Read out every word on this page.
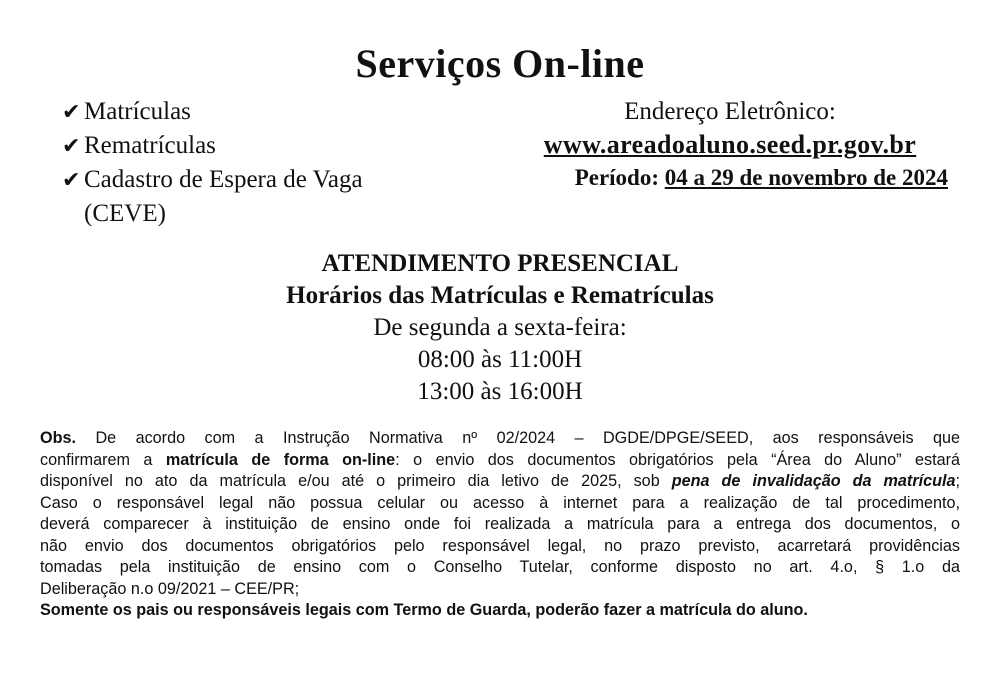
Serviços On-line
✔ Matrículas
✔ Rematrículas
✔ Cadastro de Espera de Vaga
(CEVE)
Endereço Eletrônico:
www.areadoaluno.seed.pr.gov.br
Período: 04 a 29 de novembro de 2024
ATENDIMENTO PRESENCIAL
Horários das Matrículas e Rematrículas
De segunda a sexta-feira:
08:00 às 11:00H
13:00 às 16:00H
Obs. De acordo com a Instrução Normativa nº 02/2024 – DGDE/DPGE/SEED, aos responsáveis que
confirmarem a matrícula de forma on-line: o envio dos documentos obrigatórios pela “Área do Aluno” estará
disponível no ato da matrícula e/ou até o primeiro dia letivo de 2025, sob pena de invalidação da matrícula;
Caso o responsável legal não possua celular ou acesso à internet para a realização de tal procedimento,
deverá comparecer à instituição de ensino onde foi realizada a matrícula para a entrega dos documentos, o
não envio dos documentos obrigatórios pelo responsável legal, no prazo previsto, acarretará providências
tomadas pela instituição de ensino com o Conselho Tutelar, conforme disposto no art. 4.o, § 1.o da
Deliberação n.o 09/2021 – CEE/PR;
Somente os pais ou responsáveis legais com Termo de Guarda, poderão fazer a matrícula do aluno.
